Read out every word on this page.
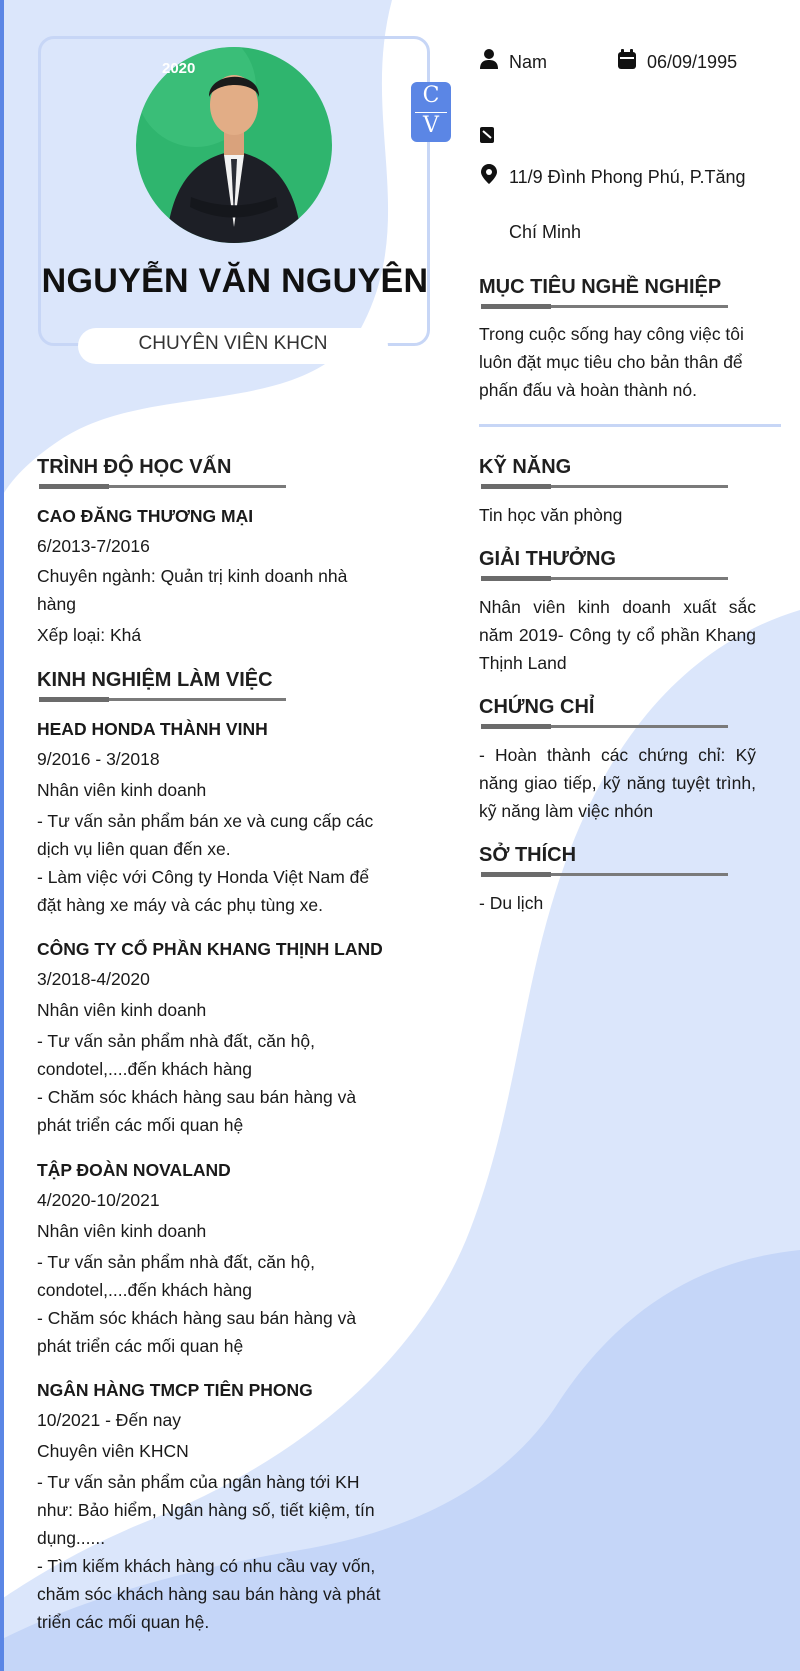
2020
NGUYỄN VĂN NGUYÊN
CHUYÊN VIÊN KHCN
C
V
Nam	06/09/1995
11/9 Đình Phong Phú, P.Tăng
Chí Minh
MỤC TIÊU NGHỀ NGHIỆP
Trong cuộc sống hay công việc tôi luôn đặt mục tiêu cho bản thân để phấn đấu và hoàn thành nó.
TRÌNH ĐỘ HỌC VẤN
CAO ĐĂNG THƯƠNG MẠI
6/2013-7/2016
Chuyên ngành: Quản trị kinh doanh nhà hàng
Xếp loại: Khá
KINH NGHIỆM LÀM VIỆC
HEAD HONDA THÀNH VINH
9/2016 - 3/2018
Nhân viên kinh doanh
- Tư vấn sản phẩm bán xe và cung cấp các dịch vụ liên quan đến xe.
- Làm việc với Công ty Honda Việt Nam để đặt hàng xe máy và các phụ tùng xe.
CÔNG TY CỔ PHẦN KHANG THỊNH LAND
3/2018-4/2020
Nhân viên kinh doanh
- Tư vấn sản phẩm nhà đất, căn hộ, condotel,....đến khách hàng
- Chăm sóc khách hàng sau bán hàng và phát triển các mối quan hệ
TẬP ĐOÀN NOVALAND
4/2020-10/2021
Nhân viên kinh doanh
- Tư vấn sản phẩm nhà đất, căn hộ, condotel,....đến khách hàng
- Chăm sóc khách hàng sau bán hàng và phát triển các mối quan hệ
NGÂN HÀNG TMCP TIÊN PHONG
10/2021 - Đến nay
Chuyên viên KHCN
- Tư vấn sản phẩm của ngân hàng tới KH như: Bảo hiểm, Ngân hàng số, tiết kiệm, tín dụng......
- Tìm kiếm khách hàng có nhu cầu vay vốn, chăm sóc khách hàng sau bán hàng và phát triển các mối quan hệ.
KỸ NĂNG
Tin học văn phòng
GIẢI THƯỞNG
Nhân viên kinh doanh xuất sắc năm 2019- Công ty cổ phần Khang Thịnh Land
CHỨNG CHỈ
- Hoàn thành các chứng chỉ: Kỹ năng giao tiếp, kỹ năng tuyệt trình, kỹ năng làm việc nhón
SỞ THÍCH
- Du lịch
